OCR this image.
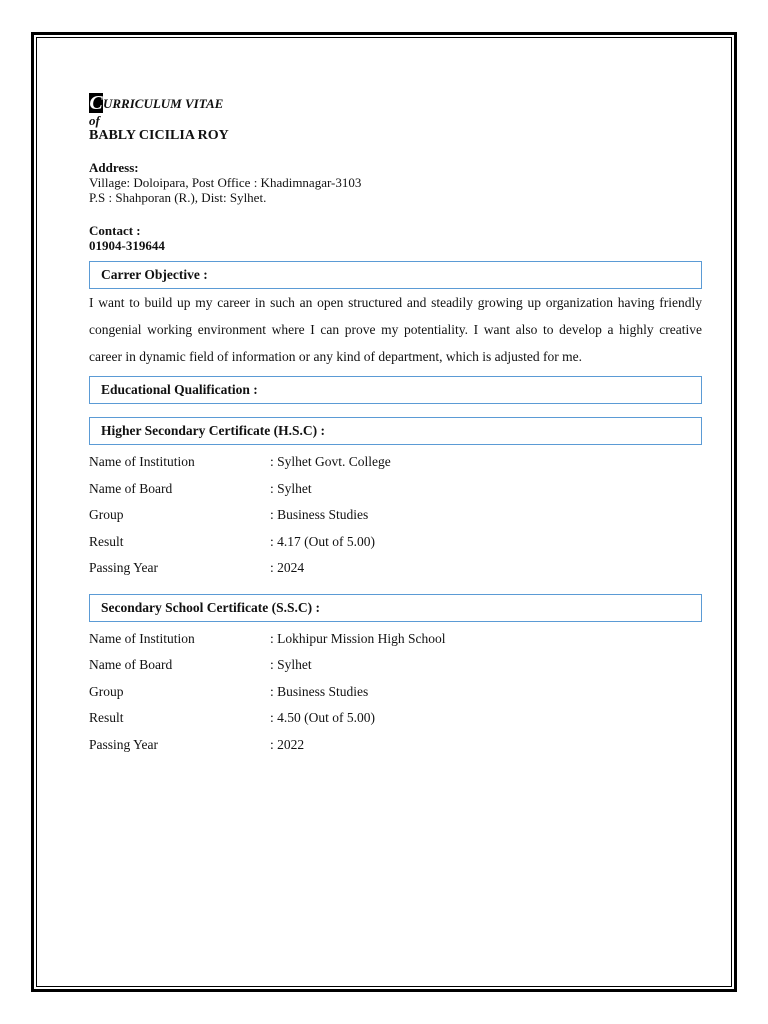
C URRICULUM VITAE
of
BABLY CICILIA ROY
Address:
Village: Doloipara, Post Office : Khadimnagar-3103
P.S : Shahporan (R.), Dist: Sylhet.
Contact :
01904-319644
Carrer Objective :
I want to build up my career in such an open structured and steadily growing up organization having friendly congenial working environment where I can prove my potentiality. I want also to develop a highly creative career in dynamic field of information or any kind of department, which is adjusted for me.
Educational Qualification :
Higher Secondary Certificate (H.S.C) :
Name of Institution	: Sylhet Govt. College
Name of Board	: Sylhet
Group	: Business Studies
Result	: 4.17 (Out of 5.00)
Passing Year	: 2024
Secondary School Certificate (S.S.C) :
Name of Institution	: Lokhipur Mission High School
Name of Board	: Sylhet
Group	: Business Studies
Result	: 4.50 (Out of 5.00)
Passing Year	: 2022
